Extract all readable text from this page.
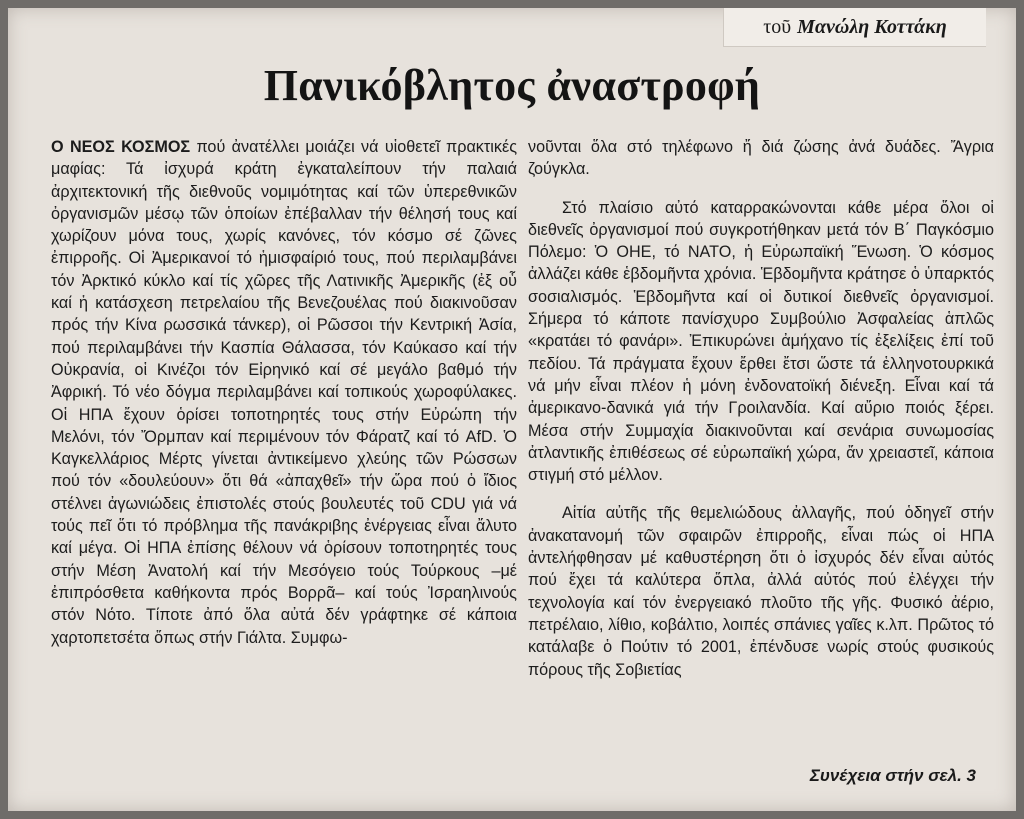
τοῦ Μανώλη Κοττάκη
Πανικόβλητος ἀναστροφή

Ο ΝΕΟΣ ΚΟΣΜΟΣ πού ἀνατέλλει μοιάζει νά υἱοθετεῖ πρακτικές μαφίας: Τά ἰσχυρά κράτη ἐγκαταλείπουν τήν παλαιά ἀρχιτεκτονική τῆς διεθνοῦς νομιμότητας καί τῶν ὑπερεθνικῶν ὀργανισμῶν μέσῳ τῶν ὁποίων ἐπέβαλλαν τήν θέλησή τους καί χωρίζουν μόνα τους, χωρίς κανόνες, τόν κόσμο σέ ζῶνες ἐπιρροῆς. Οἱ Ἀμερικανοί τό ἡμισφαίριό τους, πού περιλαμβάνει τόν Ἀρκτικό κύκλο καί τίς χῶρες τῆς Λατινικῆς Ἀμερικῆς (ἐξ οὗ καί ἡ κατάσχεση πετρελαίου τῆς Βενεζουέλας πού διακινοῦσαν πρός τήν Κίνα ρωσσικά τάνκερ), οἱ Ρῶσσοι τήν Κεντρική Ἀσία, πού περιλαμβάνει τήν Κασπία Θάλασσα, τόν Καύκασο καί τήν Οὐκρανία, οἱ Κινέζοι τόν Εἰρηνικό καί σέ μεγάλο βαθμό τήν Ἀφρική. Τό νέο δόγμα περιλαμβάνει καί τοπικούς χωροφύλακες. Οἱ ΗΠΑ ἔχουν ὁρίσει τοποτηρητές τους στήν Εὐρώπη τήν Μελόνι, τόν Ὄρμπαν καί περιμένουν τόν Φάρατζ καί τό AfD. Ὁ Καγκελλάριος Μέρτς γίνεται ἀντικείμενο χλεύης τῶν Ρώσσων πού τόν «δουλεύουν» ὅτι θά «ἀπαχθεῖ» τήν ὥρα πού ὁ ἴδιος στέλνει ἀγωνιώδεις ἐπιστολές στούς βουλευτές τοῦ CDU γιά νά τούς πεῖ ὅτι τό πρόβλημα τῆς πανάκριβης ἐνέργειας εἶναι ἄλυτο καί μέγα. Οἱ ΗΠΑ ἐπίσης θέλουν νά ὁρίσουν τοποτηρητές τους στήν Μέση Ἀνατολή καί τήν Μεσόγειο τούς Τούρκους –μέ ἐπιπρόσθετα καθήκοντα πρός Βορρᾶ– καί τούς Ἰσραηλινούς στόν Νότο. Τίποτε ἀπό ὅλα αὐτά δέν γράφτηκε σέ κάποια χαρτοπετσέτα ὅπως στήν Γιάλτα. Συμφω-

νοῦνται ὅλα στό τηλέφωνο ἤ διά ζώσης ἀνά δυάδες. Ἄγρια ζούγκλα.

Στό πλαίσιο αὐτό καταρρακώνονται κάθε μέρα ὅλοι οἱ διεθνεῖς ὀργανισμοί πού συγκροτήθηκαν μετά τόν Β΄ Παγκόσμιο Πόλεμο: Ὁ ΟΗΕ, τό ΝΑΤΟ, ἡ Εὐρωπαϊκή Ἕνωση. Ὁ κόσμος ἀλλάζει κάθε ἑβδομῆντα χρόνια. Ἑβδομῆντα κράτησε ὁ ὑπαρκτός σοσιαλισμός. Ἑβδομῆντα καί οἱ δυτικοί διεθνεῖς ὀργανισμοί. Σήμερα τό κάποτε πανίσχυρο Συμβούλιο Ἀσφαλείας ἁπλῶς «κρατάει τό φανάρι». Ἐπικυρώνει ἀμήχανο τίς ἐξελίξεις ἐπί τοῦ πεδίου. Τά πράγματα ἔχουν ἔρθει ἔτσι ὥστε τά ἑλληνοτουρκικά νά μήν εἶναι πλέον ἡ μόνη ἐνδονατοϊκή διένεξη. Εἶναι καί τά ἀμερικανο-δανικά γιά τήν Γροιλανδία. Καί αὔριο ποιός ξέρει. Μέσα στήν Συμμαχία διακινοῦνται καί σενάρια συνωμοσίας ἀτλαντικῆς ἐπιθέσεως σέ εὐρωπαϊκή χώρα, ἄν χρειαστεῖ, κάποια στιγμή στό μέλλον.

Αἰτία αὐτῆς τῆς θεμελιώδους ἀλλαγῆς, πού ὁδηγεῖ στήν ἀνακατανομή τῶν σφαιρῶν ἐπιρροῆς, εἶναι πώς οἱ ΗΠΑ ἀντελήφθησαν μέ καθυστέρηση ὅτι ὁ ἰσχυρός δέν εἶναι αὐτός πού ἔχει τά καλύτερα ὅπλα, ἀλλά αὐτός πού ἐλέγχει τήν τεχνολογία καί τόν ἐνεργειακό πλοῦτο τῆς γῆς. Φυσικό ἀέριο, πετρέλαιο, λίθιο, κοβάλτιο, λοιπές σπάνιες γαῖες κ.λπ. Πρῶτος τό κατάλαβε ὁ Πούτιν τό 2001, ἐπένδυσε νωρίς στούς φυσικούς πόρους τῆς Σοβιετίας

Συνέχεια στήν σελ. 3
